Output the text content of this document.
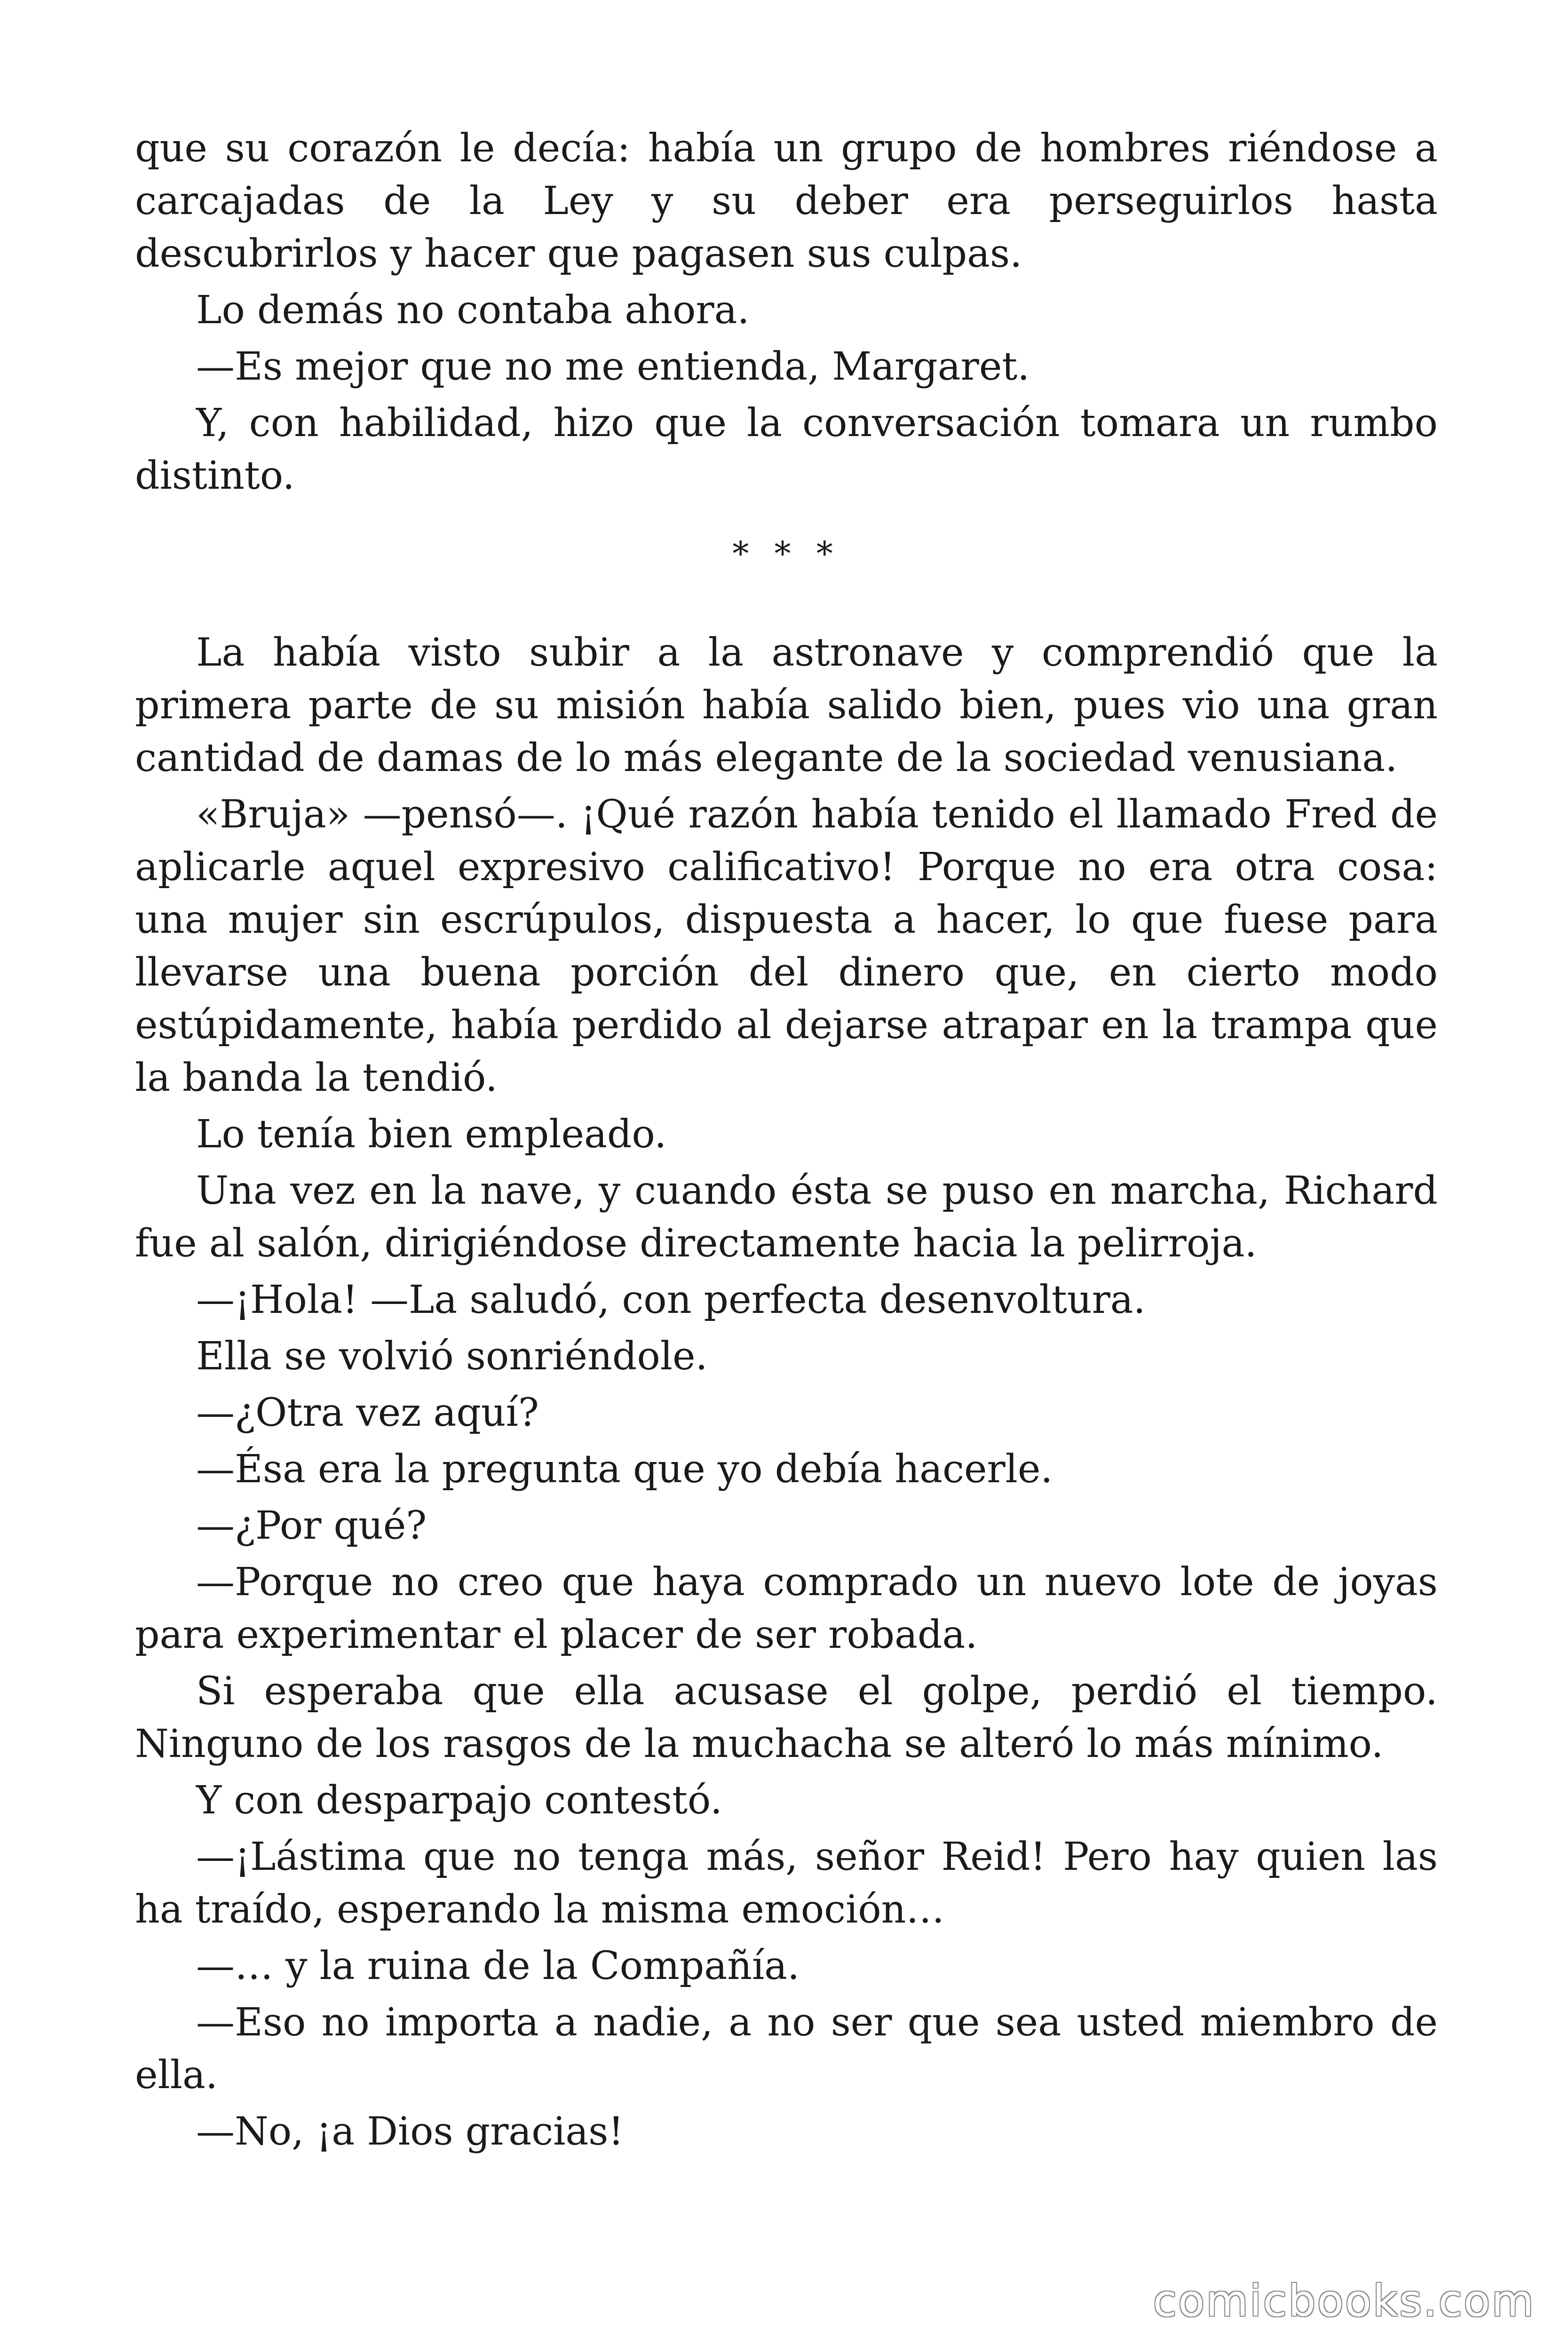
que su corazón le decía: había un grupo de hombres riéndose a carcajadas de la Ley y su deber era perseguirlos hasta descubrirlos y hacer que pagasen sus culpas.

Lo demás no contaba ahora.

—Es mejor que no me entienda, Margaret.

Y, con habilidad, hizo que la conversación tomara un rumbo distinto.

* * *

La había visto subir a la astronave y comprendió que la primera parte de su misión había salido bien, pues vio una gran cantidad de damas de lo más elegante de la sociedad venusiana.

«Bruja» —pensó—. ¡Qué razón había tenido el llamado Fred de aplicarle aquel expresivo calificativo! Porque no era otra cosa: una mujer sin escrúpulos, dispuesta a hacer, lo que fuese para llevarse una buena porción del dinero que, en cierto modo estúpidamente, había perdido al dejarse atrapar en la trampa que la banda la tendió.

Lo tenía bien empleado.

Una vez en la nave, y cuando ésta se puso en marcha, Richard fue al salón, dirigiéndose directamente hacia la pelirroja.

—¡Hola! —La saludó, con perfecta desenvoltura.

Ella se volvió sonriéndole.

—¿Otra vez aquí?

—Ésa era la pregunta que yo debía hacerle.

—¿Por qué?

—Porque no creo que haya comprado un nuevo lote de joyas para experimentar el placer de ser robada.

Si esperaba que ella acusase el golpe, perdió el tiempo. Ninguno de los rasgos de la muchacha se alteró lo más mínimo.

Y con desparpajo contestó.

—¡Lástima que no tenga más, señor Reid! Pero hay quien las ha traído, esperando la misma emoción…

—… y la ruina de la Compañía.

—Eso no importa a nadie, a no ser que sea usted miembro de ella.

—No, ¡a Dios gracias!

comicbooks.com
